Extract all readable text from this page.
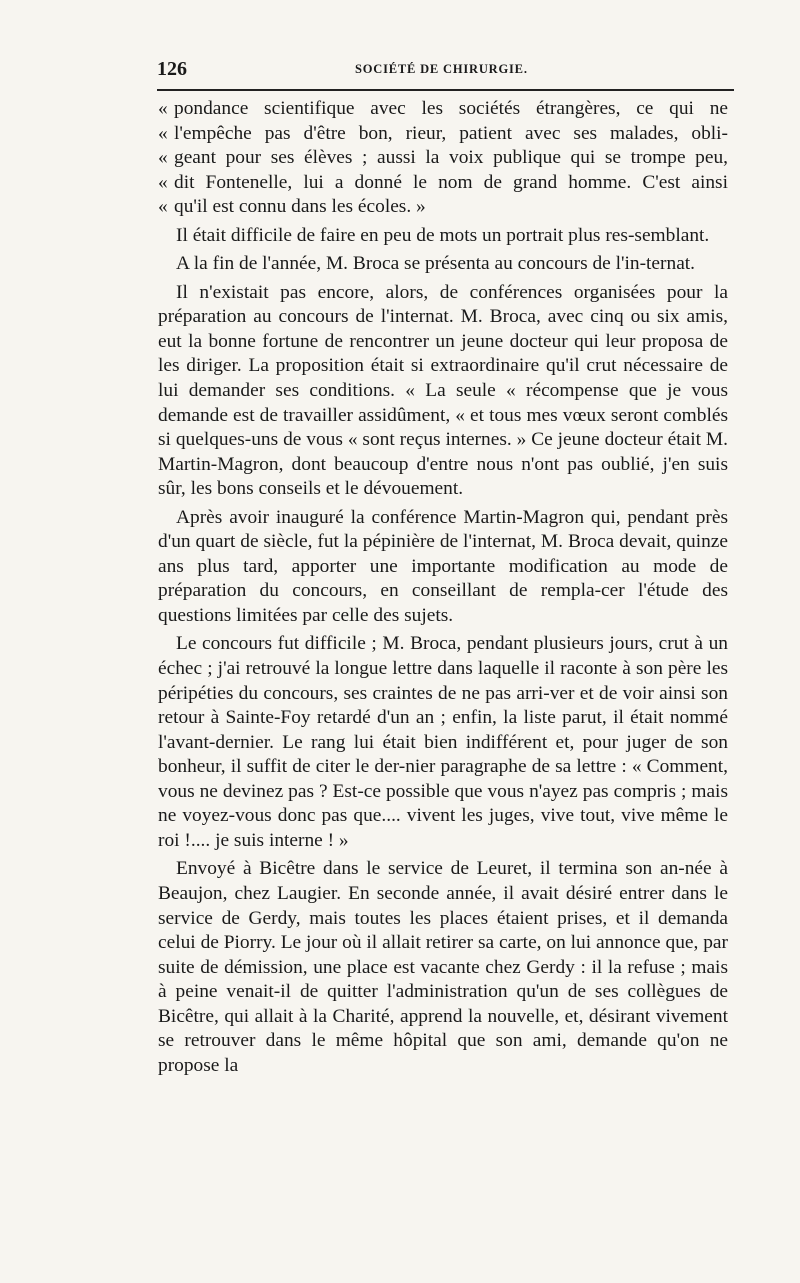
126	SOCIÉTÉ DE CHIRURGIE.
« pondance scientifique avec les sociétés étrangères, ce qui ne
« l'empêche pas d'être bon, rieur, patient avec ses malades, obli-
« geant pour ses élèves ; aussi la voix publique qui se trompe peu,
« dit Fontenelle, lui a donné le nom de grand homme. C'est ainsi
« qu'il est connu dans les écoles. »

Il était difficile de faire en peu de mots un portrait plus res-semblant.

A la fin de l'année, M. Broca se présenta au concours de l'in-ternat.

Il n'existait pas encore, alors, de conférences organisées pour la préparation au concours de l'internat. M. Broca, avec cinq ou six amis, eut la bonne fortune de rencontrer un jeune docteur qui leur proposa de les diriger. La proposition était si extraordinaire qu'il crut nécessaire de lui demander ses conditions. « La seule « récompense que je vous demande est de travailler assidûment, « et tous mes vœux seront comblés si quelques-uns de vous « sont reçus internes. » Ce jeune docteur était M. Martin-Magron, dont beaucoup d'entre nous n'ont pas oublié, j'en suis sûr, les bons conseils et le dévouement.

Après avoir inauguré la conférence Martin-Magron qui, pendant près d'un quart de siècle, fut la pépinière de l'internat, M. Broca devait, quinze ans plus tard, apporter une importante modification au mode de préparation du concours, en conseillant de rempla-cer l'étude des questions limitées par celle des sujets.

Le concours fut difficile ; M. Broca, pendant plusieurs jours, crut à un échec ; j'ai retrouvé la longue lettre dans laquelle il raconte à son père les péripéties du concours, ses craintes de ne pas arri-ver et de voir ainsi son retour à Sainte-Foy retardé d'un an ; enfin, la liste parut, il était nommé l'avant-dernier. Le rang lui était bien indifférent et, pour juger de son bonheur, il suffit de citer le der-nier paragraphe de sa lettre : « Comment, vous ne devinez pas ? Est-ce possible que vous n'ayez pas compris ; mais ne voyez-vous donc pas que.... vivent les juges, vive tout, vive même le roi !.... je suis interne ! »

Envoyé à Bicêtre dans le service de Leuret, il termina son an-née à Beaujon, chez Laugier. En seconde année, il avait désiré entrer dans le service de Gerdy, mais toutes les places étaient prises, et il demanda celui de Piorry. Le jour où il allait retirer sa carte, on lui annonce que, par suite de démission, une place est vacante chez Gerdy : il la refuse ; mais à peine venait-il de quitter l'administration qu'un de ses collègues de Bicêtre, qui allait à la Charité, apprend la nouvelle, et, désirant vivement se retrouver dans le même hôpital que son ami, demande qu'on ne propose la
